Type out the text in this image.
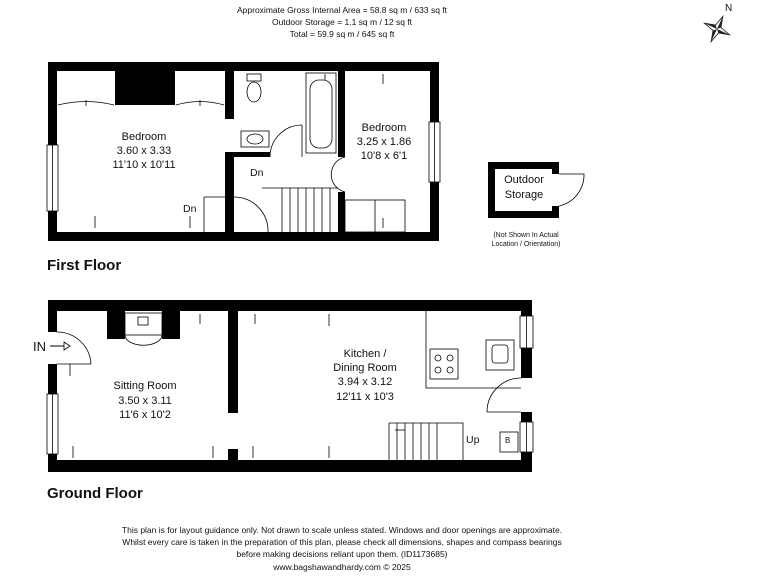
Approximate Gross Internal Area = 58.8 sq m / 633 sq ft
Outdoor Storage = 1.1 sq m / 12 sq ft
Total = 59.9 sq m / 645 sq ft
Bedroom
3.60 x 3.33
11'10 x 10'11
Bedroom
3.25 x 1.86
10'8 x 6'1
Dn
Dn
First Floor
Outdoor
Storage
(Not Shown In Actual
Location / Orientation)
N
IN
Sitting Room
3.50 x 3.11
11'6 x 10'2
Kitchen /
Dining Room
3.94 x 3.12
12'11 x 10'3
Up	B
Ground Floor
This plan is for layout guidance only. Not drawn to scale unless stated. Windows and door openings are approximate.
Whilst every care is taken in the preparation of this plan, please check all dimensions, shapes and compass bearings
before making decisions reliant upon them. (ID1173685)
www.bagshawandhardy.com © 2025
